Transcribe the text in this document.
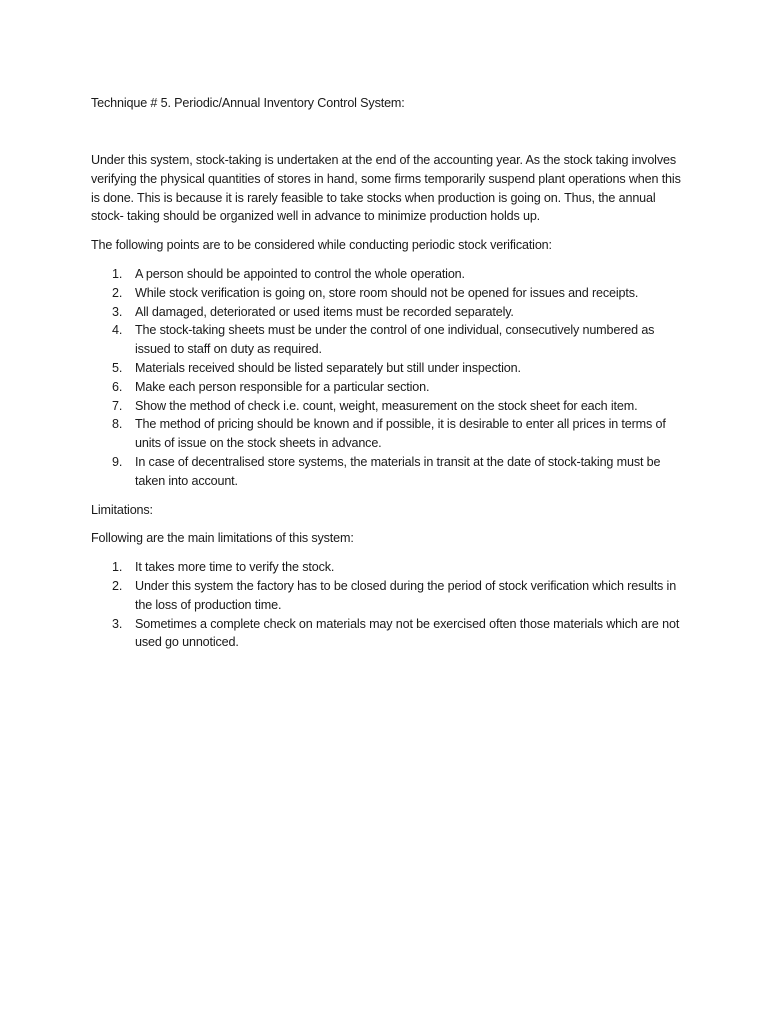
Technique # 5. Periodic/Annual Inventory Control System:

Under this system, stock-taking is undertaken at the end of the accounting year. As the stock taking involves verifying the physical quantities of stores in hand, some firms temporarily suspend plant operations when this is done. This is because it is rarely feasible to take stocks when production is going on. Thus, the annual stock- taking should be organized well in advance to minimize production holds up.

The following points are to be considered while conducting periodic stock verification:

1. A person should be appointed to control the whole operation.
2. While stock verification is going on, store room should not be opened for issues and receipts.
3. All damaged, deteriorated or used items must be recorded separately.
4. The stock-taking sheets must be under the control of one individual, consecutively numbered as issued to staff on duty as required.
5. Materials received should be listed separately but still under inspection.
6. Make each person responsible for a particular section.
7. Show the method of check i.e. count, weight, measurement on the stock sheet for each item.
8. The method of pricing should be known and if possible, it is desirable to enter all prices in terms of units of issue on the stock sheets in advance.
9. In case of decentralised store systems, the materials in transit at the date of stock-taking must be taken into account.

Limitations:

Following are the main limitations of this system:

1. It takes more time to verify the stock.
2. Under this system the factory has to be closed during the period of stock verification which results in the loss of production time.
3. Sometimes a complete check on materials may not be exercised often those materials which are not used go unnoticed.
